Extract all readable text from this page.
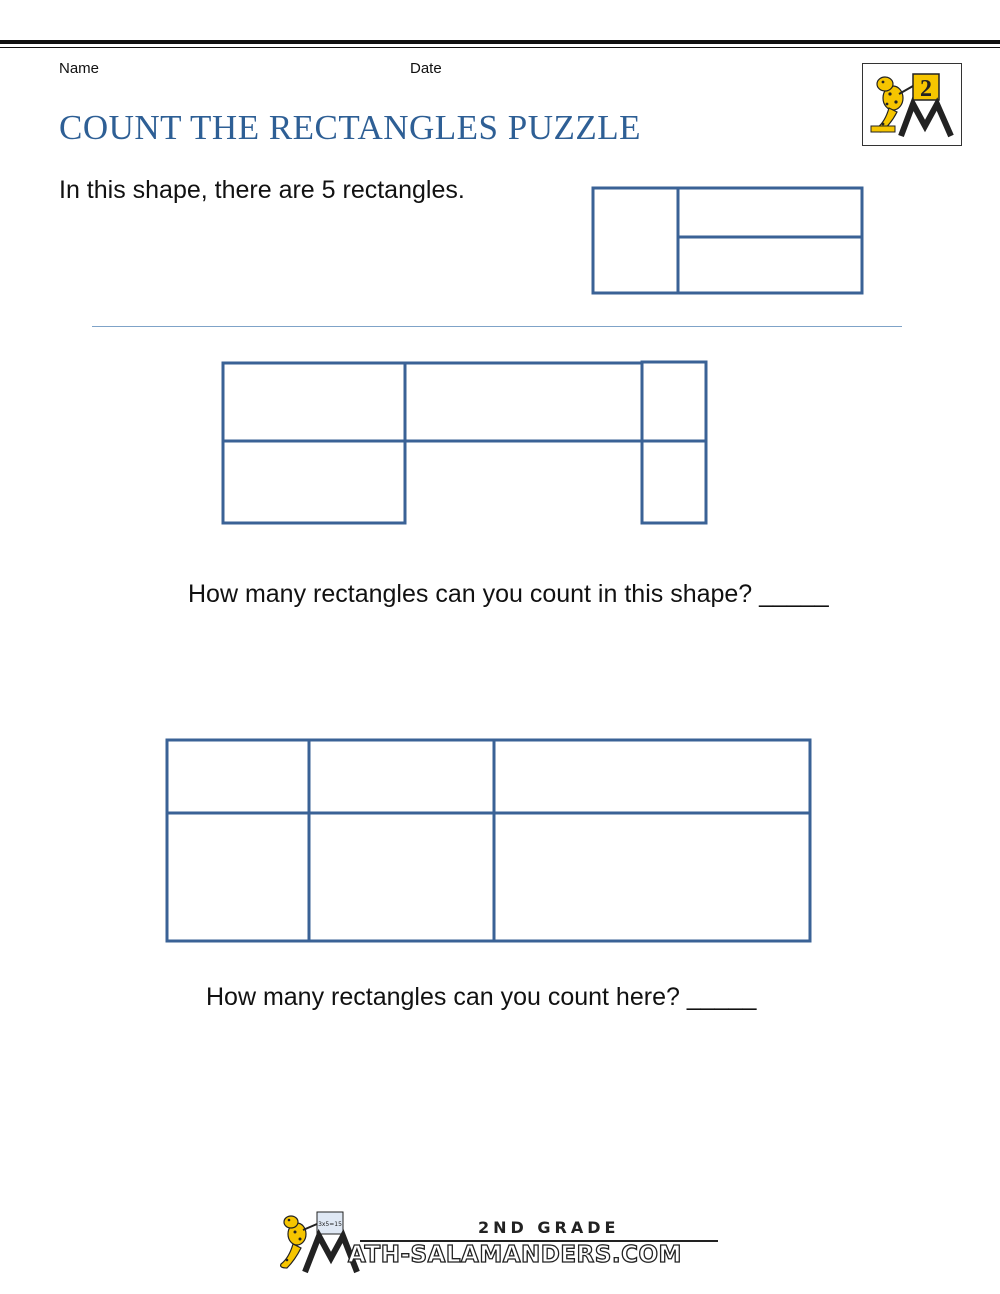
Name	Date
COUNT THE RECTANGLES PUZZLE
2
In this shape, there are 5 rectangles.
How many rectangles can you count in this shape? _____
How many rectangles can you count here? _____
3x5=15	2ND GRADE
ATH-SALAMANDERS.COM
